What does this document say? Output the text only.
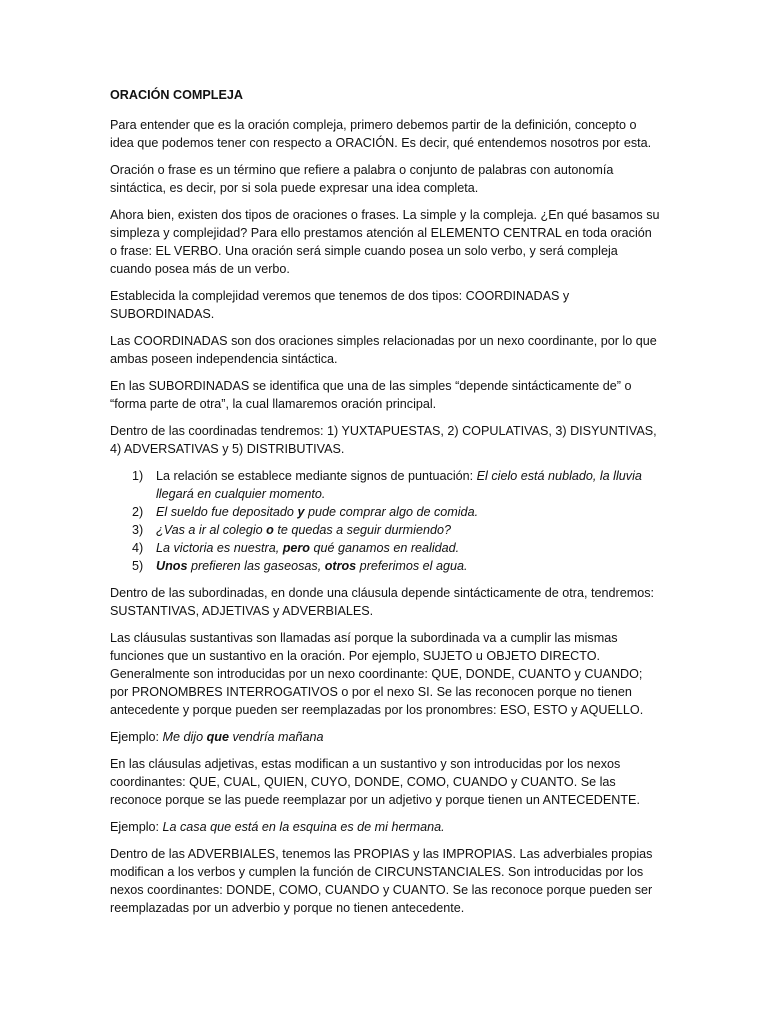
ORACIÓN COMPLEJA

Para entender que es la oración compleja, primero debemos partir de la definición, concepto o idea que podemos tener con respecto a ORACIÓN. Es decir, qué entendemos nosotros por esta.

Oración o frase es un término que refiere a palabra o conjunto de palabras con autonomía sintáctica, es decir, por si sola puede expresar una idea completa.

Ahora bien, existen dos tipos de oraciones o frases. La simple y la compleja. ¿En qué basamos su simpleza y complejidad? Para ello prestamos atención al ELEMENTO CENTRAL en toda oración o frase: EL VERBO. Una oración será simple cuando posea un solo verbo, y será compleja cuando posea más de un verbo.

Establecida la complejidad veremos que tenemos de dos tipos: COORDINADAS y SUBORDINADAS.

Las COORDINADAS son dos oraciones simples relacionadas por un nexo coordinante, por lo que ambas poseen independencia sintáctica.

En las SUBORDINADAS se identifica que una de las simples “depende sintácticamente de” o “forma parte de otra”, la cual llamaremos oración principal.

Dentro de las coordinadas tendremos: 1) YUXTAPUESTAS, 2) COPULATIVAS, 3) DISYUNTIVAS, 4) ADVERSATIVAS y 5) DISTRIBUTIVAS.

1) La relación se establece mediante signos de puntuación: El cielo está nublado, la lluvia llegará en cualquier momento.
2) El sueldo fue depositado y pude comprar algo de comida.
3) ¿Vas a ir al colegio o te quedas a seguir durmiendo?
4) La victoria es nuestra, pero qué ganamos en realidad.
5) Unos prefieren las gaseosas, otros preferimos el agua.

Dentro de las subordinadas, en donde una cláusula depende sintácticamente de otra, tendremos: SUSTANTIVAS, ADJETIVAS y ADVERBIALES.

Las cláusulas sustantivas son llamadas así porque la subordinada va a cumplir las mismas funciones que un sustantivo en la oración. Por ejemplo, SUJETO u OBJETO DIRECTO. Generalmente son introducidas por un nexo coordinante: QUE, DONDE, CUANTO y CUANDO; por PRONOMBRES INTERROGATIVOS o por el nexo SI. Se las reconocen porque no tienen antecedente y porque pueden ser reemplazadas por los pronombres: ESO, ESTO y AQUELLO.

Ejemplo: Me dijo que vendría mañana

En las cláusulas adjetivas, estas modifican a un sustantivo y son introducidas por los nexos coordinantes: QUE, CUAL, QUIEN, CUYO, DONDE, COMO, CUANDO y CUANTO. Se las reconoce porque se las puede reemplazar por un adjetivo y porque tienen un ANTECEDENTE.

Ejemplo: La casa que está en la esquina es de mi hermana.

Dentro de las ADVERBIALES, tenemos las PROPIAS y las IMPROPIAS. Las adverbiales propias modifican a los verbos y cumplen la función de CIRCUNSTANCIALES. Son introducidas por los nexos coordinantes: DONDE, COMO, CUANDO y CUANTO. Se las reconoce porque pueden ser reemplazadas por un adverbio y porque no tienen antecedente.
